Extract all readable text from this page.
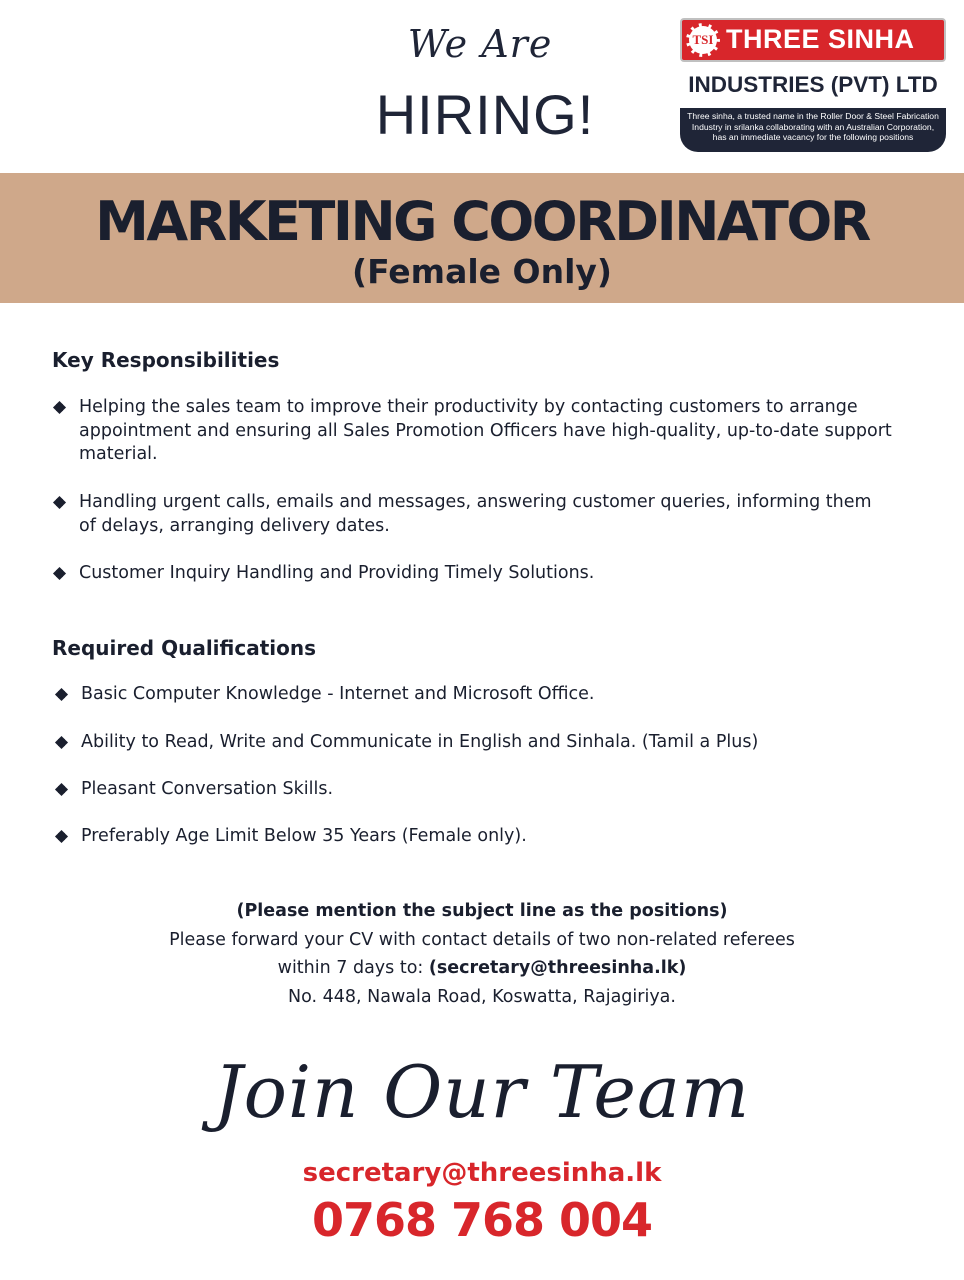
We Are
HIRING!
TSI THREE SINHA
INDUSTRIES (PVT) LTD
Three sinha, a trusted name in the Roller Door & Steel Fabrication
Industry in srilanka collaborating with an Australian Corporation,
has an immediate vacancy for the following positions
MARKETING COORDINATOR
(Female Only)
Key Responsibilities
Helping the sales team to improve their productivity by contacting customers to arrange
appointment and ensuring all Sales Promotion Officers have high-quality, up-to-date support
material.
Handling urgent calls, emails and messages, answering customer queries, informing them
of delays, arranging delivery dates.
Customer Inquiry Handling and Providing Timely Solutions.
Required Qualifications
Basic Computer Knowledge - Internet and Microsoft Office.
Ability to Read, Write and Communicate in English and Sinhala. (Tamil a Plus)
Pleasant Conversation Skills.
Preferably Age Limit Below 35 Years (Female only).
(Please mention the subject line as the positions)
Please forward your CV with contact details of two non-related referees
within 7 days to: (secretary@threesinha.lk)
No. 448, Nawala Road, Koswatta, Rajagiriya.
Join Our Team
secretary@threesinha.lk
0768 768 004
